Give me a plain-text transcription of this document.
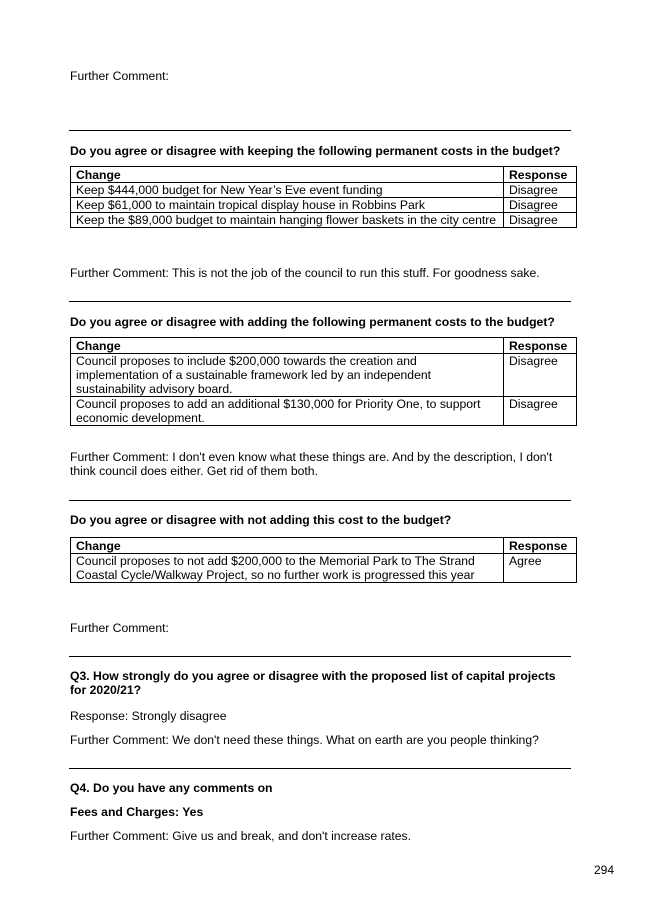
Further Comment:
Do you agree or disagree with keeping the following permanent costs in the budget?
Change	Response
Keep $444,000 budget for New Year’s Eve event funding	Disagree
Keep $61,000 to maintain tropical display house in Robbins Park	Disagree
Keep the $89,000 budget to maintain hanging flower baskets in the city centre	Disagree
Further Comment: This is not the job of the council to run this stuff. For goodness sake.
Do you agree or disagree with adding the following permanent costs to the budget?
Change	Response
Council proposes to include $200,000 towards the creation and implementation of a sustainable framework led by an independent sustainability advisory board.	Disagree
Council proposes to add an additional $130,000 for Priority One, to support economic development.	Disagree
Further Comment: I don't even know what these things are. And by the description, I don't think council does either. Get rid of them both.
Do you agree or disagree with not adding this cost to the budget?
Change	Response
Council proposes to not add $200,000 to the Memorial Park to The Strand Coastal Cycle/Walkway Project, so no further work is progressed this year	Agree
Further Comment:
Q3. How strongly do you agree or disagree with the proposed list of capital projects for 2020/21?
Response: Strongly disagree
Further Comment: We don't need these things. What on earth are you people thinking?
Q4. Do you have any comments on
Fees and Charges: Yes
Further Comment: Give us and break, and don't increase rates.
294
